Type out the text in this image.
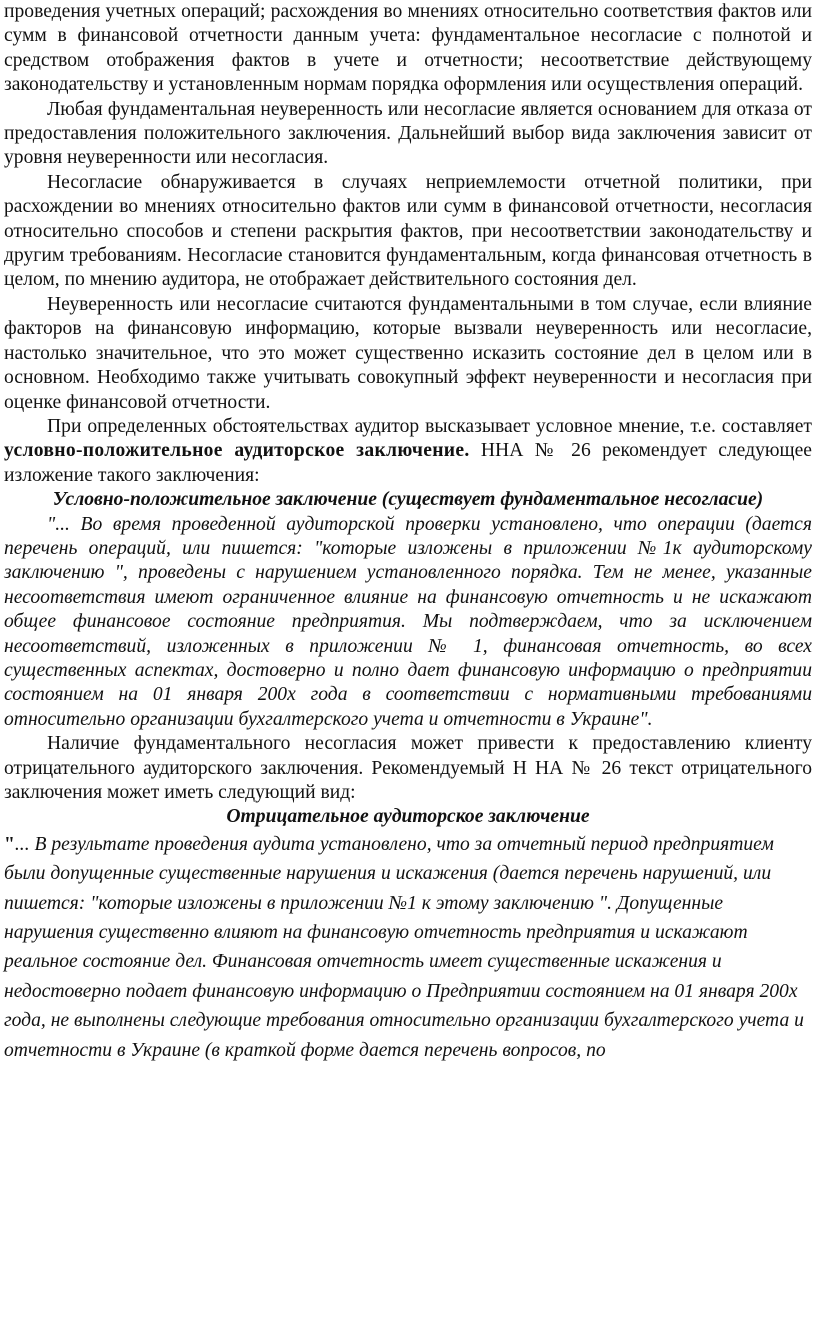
проведения учетных операций; расхождения во мнениях относительно соответствия фактов или сумм в финансовой отчетности данным учета: фундаментальное несогласие с полнотой и средством отображения фактов в учете и отчетности; несоответствие действующему законодательству и установленным нормам порядка оформления или осуществления операций.

Любая фундаментальная неуверенность или несогласие является основанием для отказа от предоставления положительного заключения. Дальнейший выбор вида заключения зависит от уровня неуверенности или несогласия.

Несогласие обнаруживается в случаях неприемлемости отчетной политики, при расхождении во мнениях относительно фактов или сумм в финансовой отчетности, несогласия относительно способов и степени раскрытия фактов, при несоответствии законодательству и другим требованиям. Несогласие становится фундаментальным, когда финансовая отчетность в целом, по мнению аудитора, не отображает действительного состояния дел.

Неуверенность или несогласие считаются фундаментальными в том случае, если влияние факторов на финансовую информацию, которые вызвали неуверенность или несогласие, настолько значительное, что это может существенно исказить состояние дел в целом или в основном. Необходимо также учитывать совокупный эффект неуверенности и несогласия при оценке финансовой отчетности.

При определенных обстоятельствах аудитор высказывает условное мнение, т.е. составляет условно-положительное аудиторское заключение. ННА № 26 рекомендует следующее изложение такого заключения:

Условно-положительное заключение (существует фундаментальное несогласие)

"... Во время проведенной аудиторской проверки установлено, что операции (дается перечень операций, или пишется: "которые изложены в приложении №1к аудиторскому заключению ", проведены с нарушением установленного порядка. Тем не менее, указанные несоответствия имеют ограниченное влияние на финансовую отчетность и не искажают общее финансовое состояние предприятия. Мы подтверждаем, что за исключением несоответствий, изложенных в приложении № 1, финансовая отчетность, во всех существенных аспектах, достоверно и полно дает финансовую информацию о предприятии состоянием на 01 января 200х года в соответствии с нормативными требованиями относительно организации бухгалтерского учета и отчетности в Украине".

Наличие фундаментального несогласия может привести к предоставлению клиенту отрицательного аудиторского заключения. Рекомендуемый Н НА № 26 текст отрицательного заключения может иметь следующий вид:

Отрицательное аудиторское заключение

"... В результате проведения аудита установлено, что за отчетный период предприятием были допущенные существенные нарушения и искажения (дается перечень нарушений, или пишется: "которые изложены в приложении №1 к этому заключению ". Допущенные нарушения существенно влияют на финансовую отчетность предприятия и искажают реальное состояние дел. Финансовая отчетность имеет существенные искажения и недостоверно подает финансовую информацию о Предприятии состоянием на 01 января 200х года, не выполнены следующие требования относительно организации бухгалтерского учета и отчетности в Украине (в краткой форме дается перечень вопросов, по
